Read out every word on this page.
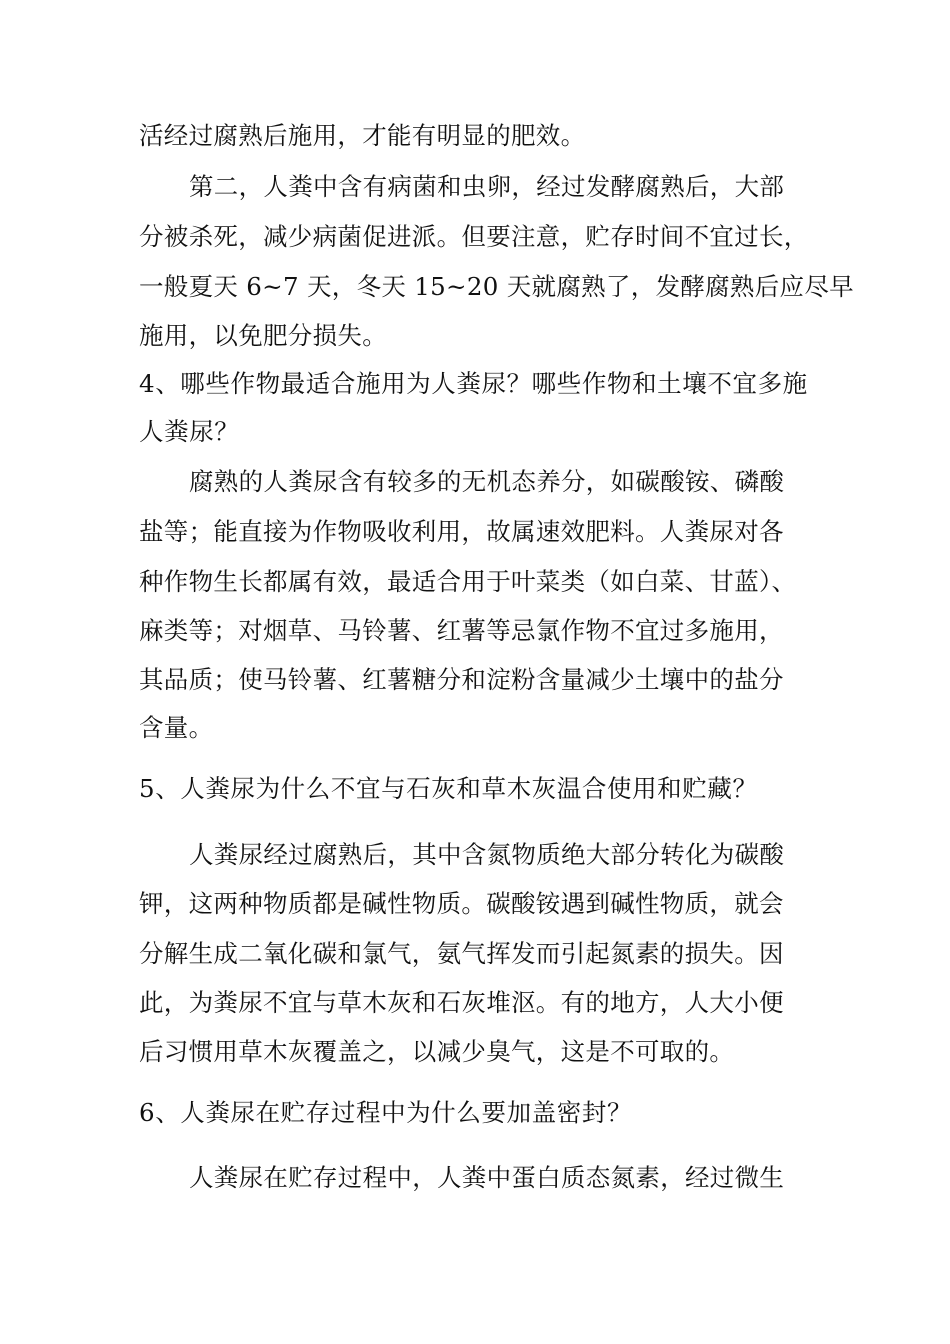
活经过腐熟后施用，才能有明显的肥效。
第二，人粪中含有病菌和虫卵，经过发酵腐熟后，大部
分被杀死，减少病菌促进派。但要注意，贮存时间不宜过长，
一般夏天 6~7 天，冬天 15~20 天就腐熟了，发酵腐熟后应尽早
施用，以免肥分损失。
4、哪些作物最适合施用为人粪尿？哪些作物和土壤不宜多施
人粪尿？
腐熟的人粪尿含有较多的无机态养分，如碳酸铵、磷酸
盐等；能直接为作物吸收利用，故属速效肥料。人粪尿对各
种作物生长都属有效，最适合用于叶菜类（如白菜、甘蓝）、
麻类等；对烟草、马铃薯、红薯等忌氯作物不宜过多施用，
其品质；使马铃薯、红薯糖分和淀粉含量减少土壤中的盐分
含量。
5、人粪尿为什么不宜与石灰和草木灰温合使用和贮藏？
人粪尿经过腐熟后，其中含氮物质绝大部分转化为碳酸
钾，这两种物质都是碱性物质。碳酸铵遇到碱性物质，就会
分解生成二氧化碳和氯气，氨气挥发而引起氮素的损失。因
此，为粪尿不宜与草木灰和石灰堆沤。有的地方，人大小便
后习惯用草木灰覆盖之，以减少臭气，这是不可取的。
6、人粪尿在贮存过程中为什么要加盖密封？
人粪尿在贮存过程中，人粪中蛋白质态氮素，经过微生
